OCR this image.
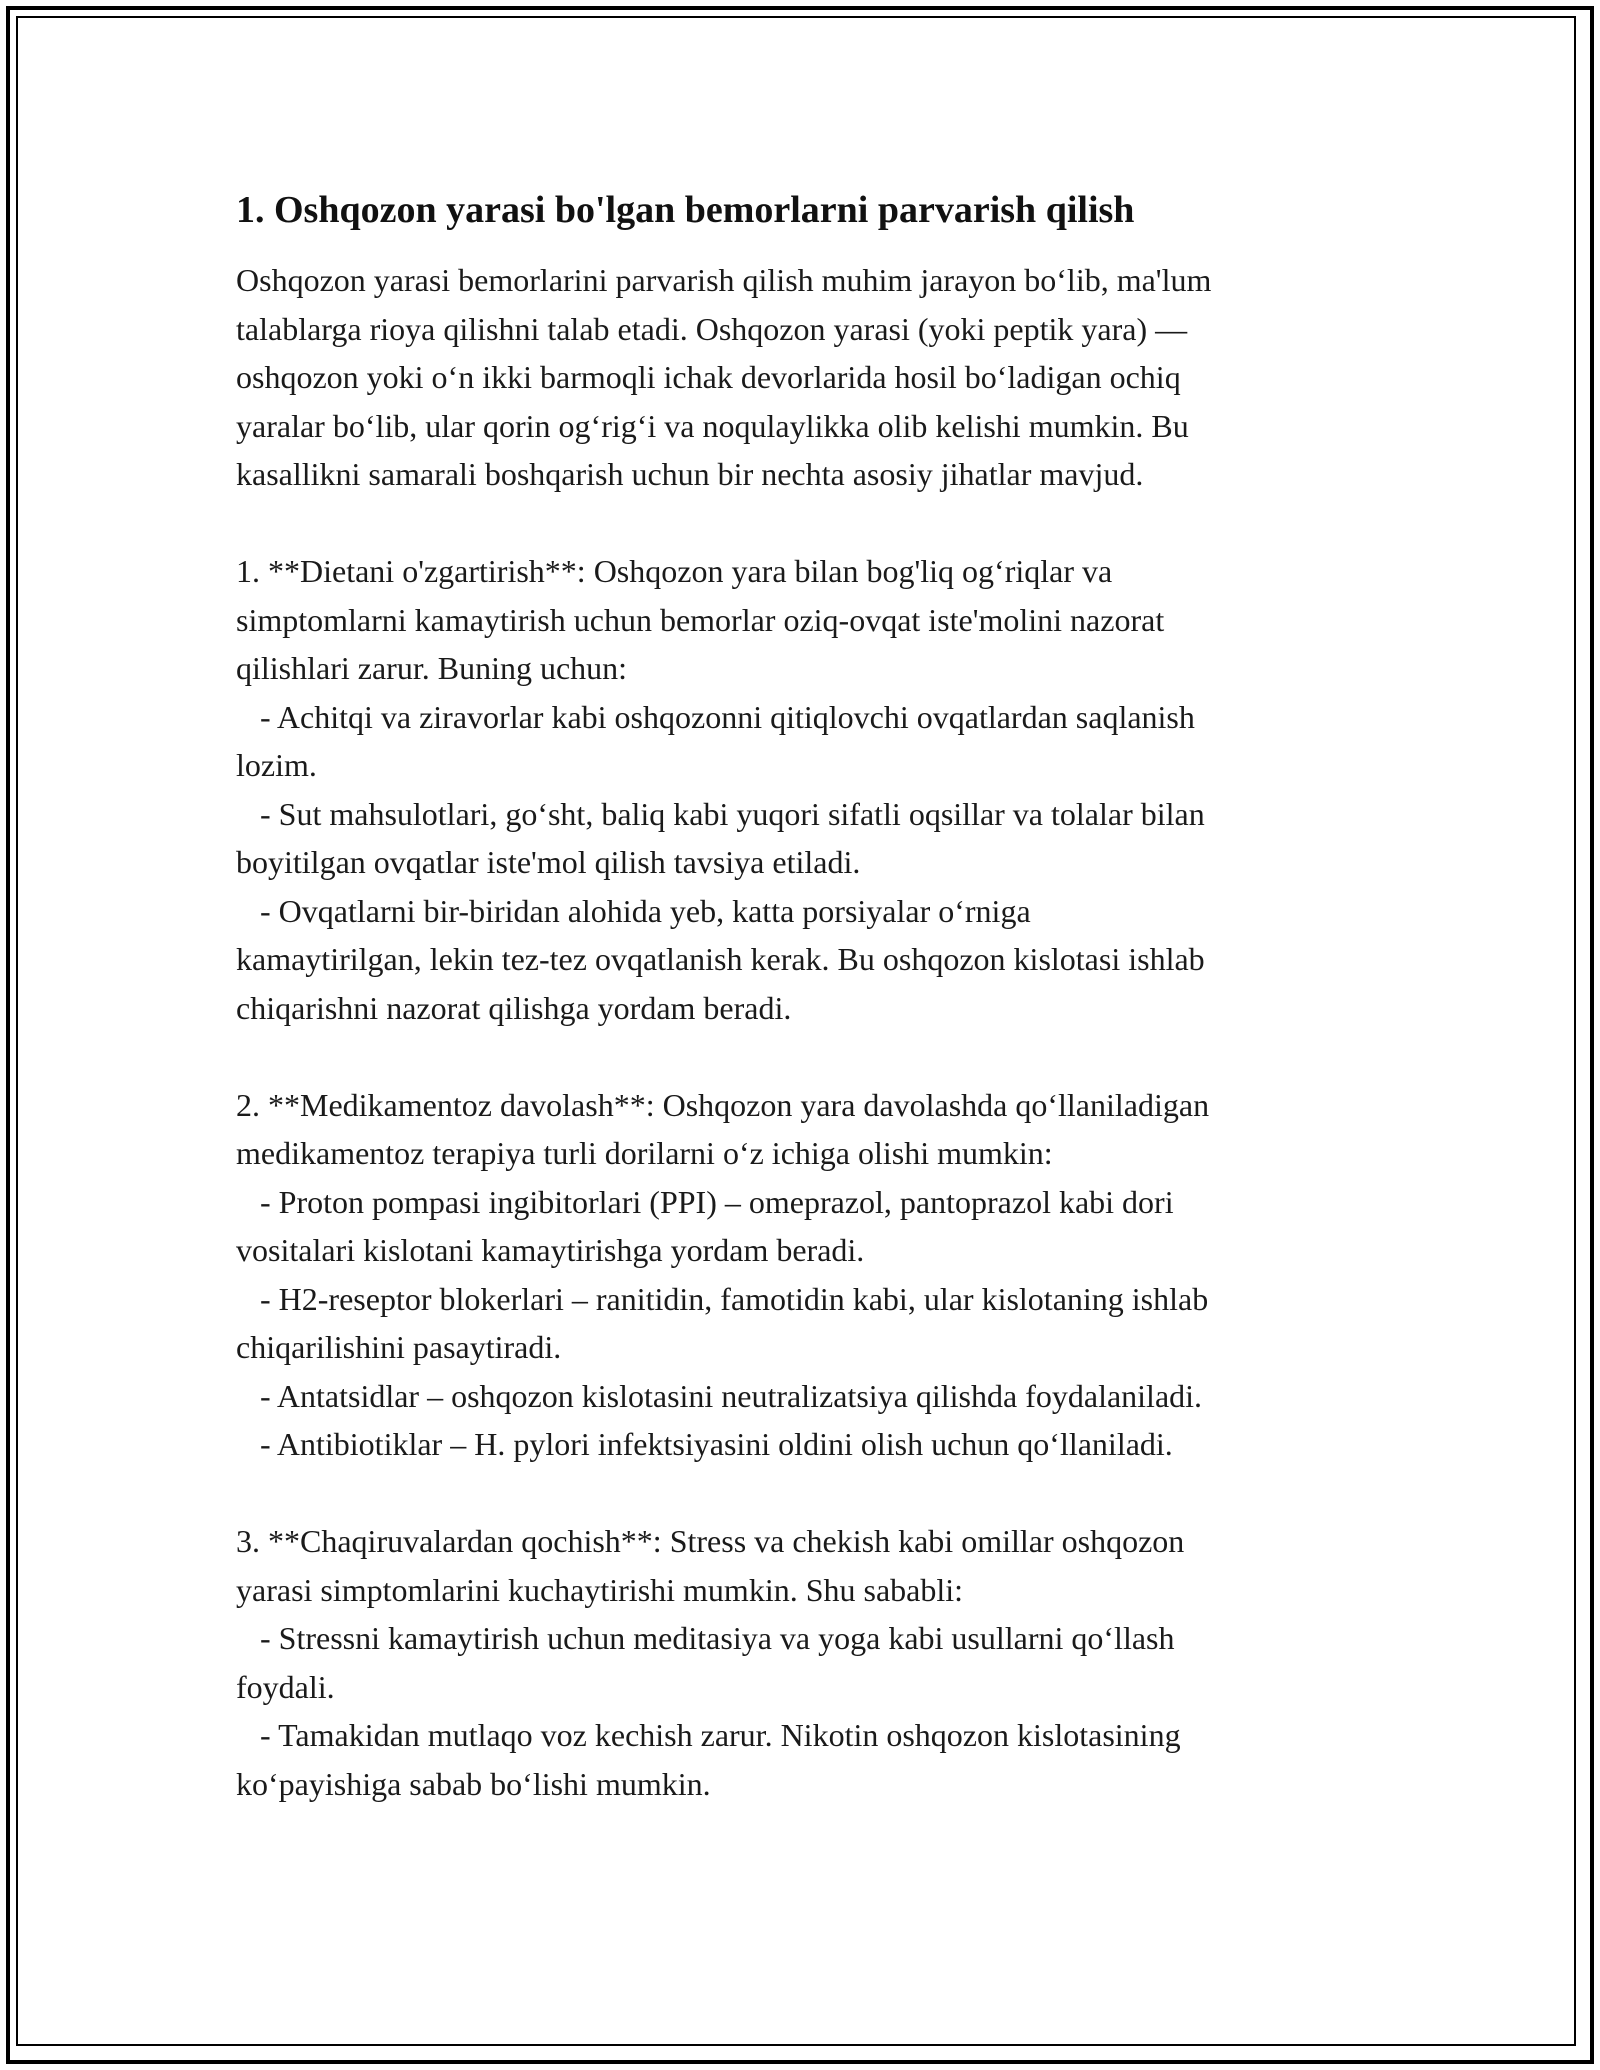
1. Oshqozon yarasi bo'lgan bemorlarni parvarish qilish
Oshqozon yarasi bemorlarini parvarish qilish muhim jarayon bo‘lib, ma'lum
talablarga rioya qilishni talab etadi. Oshqozon yarasi (yoki peptik yara) —
oshqozon yoki o‘n ikki barmoqli ichak devorlarida hosil bo‘ladigan ochiq
yaralar bo‘lib, ular qorin og‘rig‘i va noqulaylikka olib kelishi mumkin. Bu
kasallikni samarali boshqarish uchun bir nechta asosiy jihatlar mavjud.
1. **Dietani o'zgartirish**: Oshqozon yara bilan bog'liq og‘riqlar va
simptomlarni kamaytirish uchun bemorlar oziq-ovqat iste'molini nazorat
qilishlari zarur. Buning uchun:
- Achitqi va ziravorlar kabi oshqozonni qitiqlovchi ovqatlardan saqlanish
lozim.
- Sut mahsulotlari, go‘sht, baliq kabi yuqori sifatli oqsillar va tolalar bilan
boyitilgan ovqatlar iste'mol qilish tavsiya etiladi.
- Ovqatlarni bir-biridan alohida yeb, katta porsiyalar o‘rniga
kamaytirilgan, lekin tez-tez ovqatlanish kerak. Bu oshqozon kislotasi ishlab
chiqarishni nazorat qilishga yordam beradi.
2. **Medikamentoz davolash**: Oshqozon yara davolashda qo‘llaniladigan
medikamentoz terapiya turli dorilarni o‘z ichiga olishi mumkin:
- Proton pompasi ingibitorlari (PPI) – omeprazol, pantoprazol kabi dori
vositalari kislotani kamaytirishga yordam beradi.
- H2-reseptor blokerlari – ranitidin, famotidin kabi, ular kislotaning ishlab
chiqarilishini pasaytiradi.
- Antatsidlar – oshqozon kislotasini neutralizatsiya qilishda foydalaniladi.
- Antibiotiklar – H. pylori infektsiyasini oldini olish uchun qo‘llaniladi.
3. **Chaqiruvalardan qochish**: Stress va chekish kabi omillar oshqozon
yarasi simptomlarini kuchaytirishi mumkin. Shu sababli:
- Stressni kamaytirish uchun meditasiya va yoga kabi usullarni qo‘llash
foydali.
- Tamakidan mutlaqo voz kechish zarur. Nikotin oshqozon kislotasining
ko‘payishiga sabab bo‘lishi mumkin.
